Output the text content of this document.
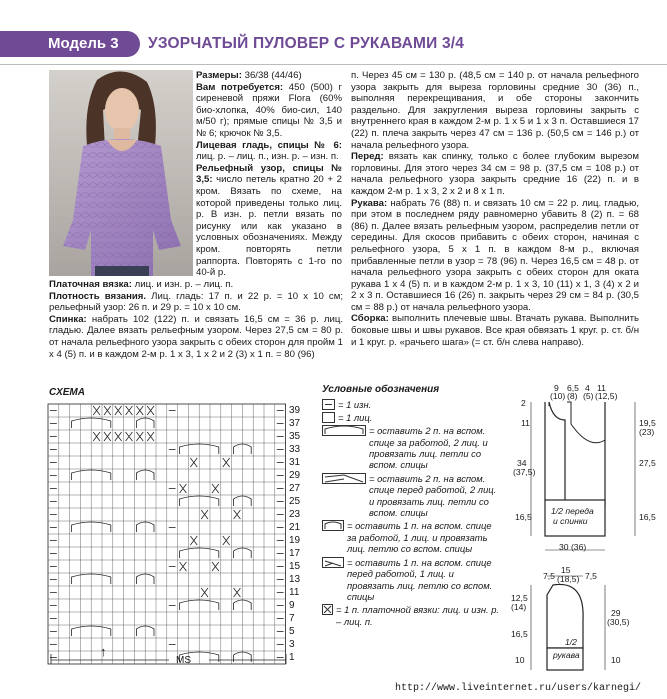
Модель 3	УЗОРЧАТЫЙ ПУЛОВЕР С РУКАВАМИ 3/4
Размеры: 36/38 (44/46)
Вам потребуется: 450 (500) г сиреневой пряжи Flora (60% био-хлопка, 40% био-сил, 140 м/50 г); прямые спицы № 3,5 и № 6; крючок № 3,5.
Лицевая гладь, спицы № 6: лиц. р. – лиц. п., изн. р. – изн. п.
Рельефный узор, спицы № 3,5: число петель кратно 20 + 2 кром. Вязать по схеме, на которой приведены только лиц. р. В изн. р. петли вязать по рисунку или как указано в условных обозначениях. Между кром. повторять петли раппорта. Повторять с 1-го по 40-й р.
Платочная вязка: лиц. и изн. р. – лиц. п.
Плотность вязания. Лиц. гладь: 17 п. и 22 р. = 10 х 10 см; рельефный узор: 26 п. и 29 р. = 10 х 10 см.
Спинка: набрать 102 (122) п. и связать 16,5 см = 36 р. лиц. гладью. Далее вязать рельефным узором. Через 27,5 см = 80 р. от начала рельефного узора закрыть с обеих сторон для пройм 1 х 4 (5) п. и в каждом 2-м р. 1 х 3, 1 х 2 и 2 (3) х 1 п. = 80 (96)
п. Через 45 см = 130 р. (48,5 см = 140 р. от начала рельефного узора закрыть для выреза горловины средние 30 (36) п., выполняя перекрещивания, и обе стороны закончить раздельно. Для закругления выреза горловины закрыть с внутреннего края в каждом 2-м р. 1 х 5 и 1 х 3 п. Оставшиеся 17 (22) п. плеча закрыть через 47 см = 136 р. (50,5 см = 146 р.) от начала рельефного узора.
Перед: вязать как спинку, только с более глубоким вырезом горловины. Для этого через 34 см = 98 р. (37,5 см = 108 р.) от начала рельефного узора закрыть средние 16 (22) п. и в каждом 2-м р. 1 х 3, 2 х 2 и 8 х 1 п.
Рукава: набрать 76 (88) п. и связать 10 см = 22 р. лиц. гладью, при этом в последнем ряду равномерно убавить 8 (2) п. = 68 (86) п. Далее вязать рельефным узором, распределив петли от середины. Для скосов прибавить с обеих сторон, начиная с рельефного узора, 5 х 1 п. в каждом 8-м р., включая прибавленные петли в узор = 78 (96) п. Через 16,5 см = 48 р. от начала рельефного узора закрыть с обеих сторон для оката рукава 1 х 4 (5) п. и в каждом 2-м р. 1 х 3, 10 (11) х 1, 3 (4) х 2 и 2 х 3 п. Оставшиеся 16 (26) п. закрыть через 29 см = 84 р. (30,5 см = 88 р.) от начала рельефного узора.
Сборка: выполнить плечевые швы. Втачать рукава. Выполнить боковые швы и швы рукавов. Все края обвязать 1 круг. р. ст. б/н и 1 круг. р. «рачьего шага» (= ст. б/н слева направо).
СХЕМА
39
37
35
33
31
29
27
25
23
21
19
17
15
13
11
9
7
5
3
1
↑
MS
Условные обозначения
= 1 изн.
= 1 лиц.
= оставить 2 п. на вспом. спице за работой, 2 лиц. и провязать лиц. петли со вспом. спицы
= оставить 2 п. на вспом. спице перед работой, 2 лиц. и провязать лиц. петли со вспом. спицы
= оставить 1 п. на вспом. спице за работой, 1 лиц. и провязать лиц. петлю со вспом. спицы
= оставить 1 п. на вспом. спице перед работой, 1 лиц. и провязать лиц. петлю со вспом. спицы
= 1 п. платочной вязки: лиц. и изн. р. – лиц. п.
9
(10)
6,5
(8)
4
(5)
11
(12,5)
2
11
34
(37,5)
16,5
19,5
(23)
27,5
16,5
1/2 переда
и спинки
30 (36)
7,5
15
(18,5) 7,5
12,5
(14)
16,5
10
29
(30,5)
10
1/2
рукава
http://www.liveinternet.ru/users/karnegi/
